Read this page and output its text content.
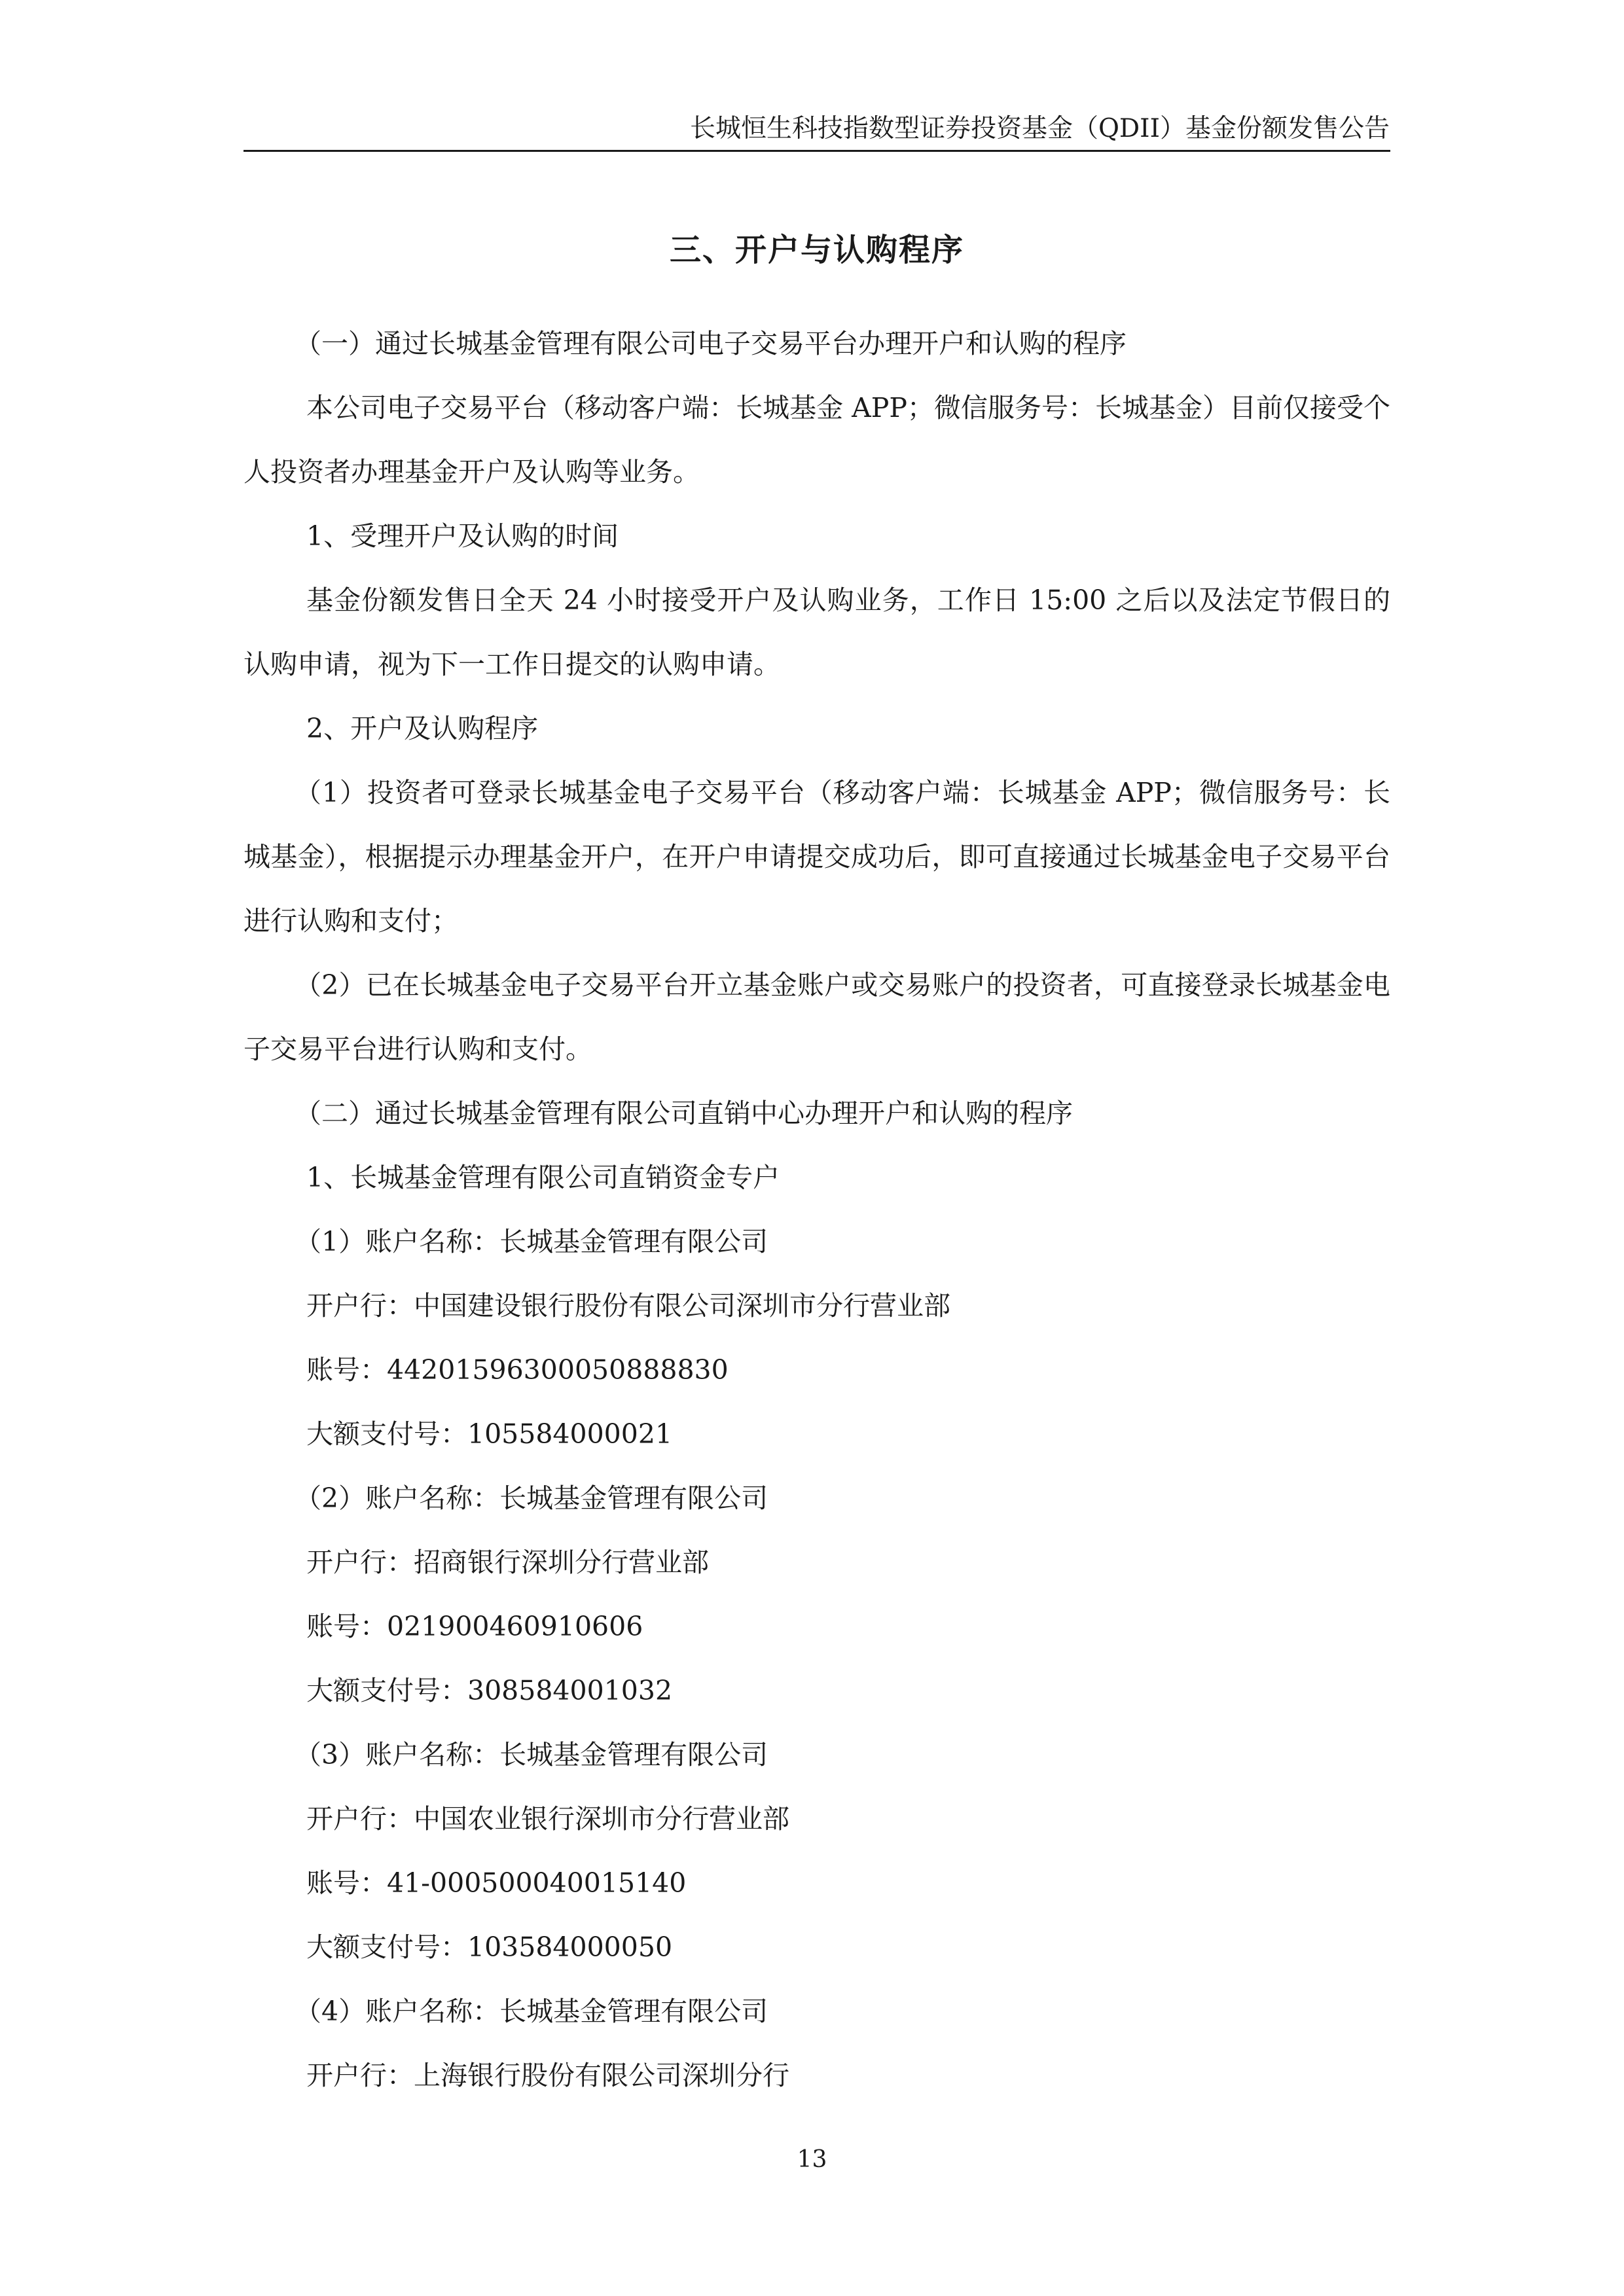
长城恒生科技指数型证券投资基金（QDII）基金份额发售公告
三、开户与认购程序

（一）通过长城基金管理有限公司电子交易平台办理开户和认购的程序

本公司电子交易平台（移动客户端：长城基金 APP；微信服务号：长城基金）目前仅接受个人投资者办理基金开户及认购等业务。

1、受理开户及认购的时间

基金份额发售日全天 24 小时接受开户及认购业务，工作日 15:00 之后以及法定节假日的认购申请，视为下一工作日提交的认购申请。

2、开户及认购程序

（1）投资者可登录长城基金电子交易平台（移动客户端：长城基金 APP；微信服务号：长城基金），根据提示办理基金开户，在开户申请提交成功后，即可直接通过长城基金电子交易平台进行认购和支付；

（2）已在长城基金电子交易平台开立基金账户或交易账户的投资者，可直接登录长城基金电子交易平台进行认购和支付。

（二）通过长城基金管理有限公司直销中心办理开户和认购的程序

1、长城基金管理有限公司直销资金专户

（1）账户名称：长城基金管理有限公司

开户行：中国建设银行股份有限公司深圳市分行营业部

账号：44201596300050888830

大额支付号：105584000021

（2）账户名称：长城基金管理有限公司

开户行：招商银行深圳分行营业部

账号：021900460910606

大额支付号：308584001032

（3）账户名称：长城基金管理有限公司

开户行：中国农业银行深圳市分行营业部

账号：41-000500040015140

大额支付号：103584000050

（4）账户名称：长城基金管理有限公司

开户行：上海银行股份有限公司深圳分行

13
